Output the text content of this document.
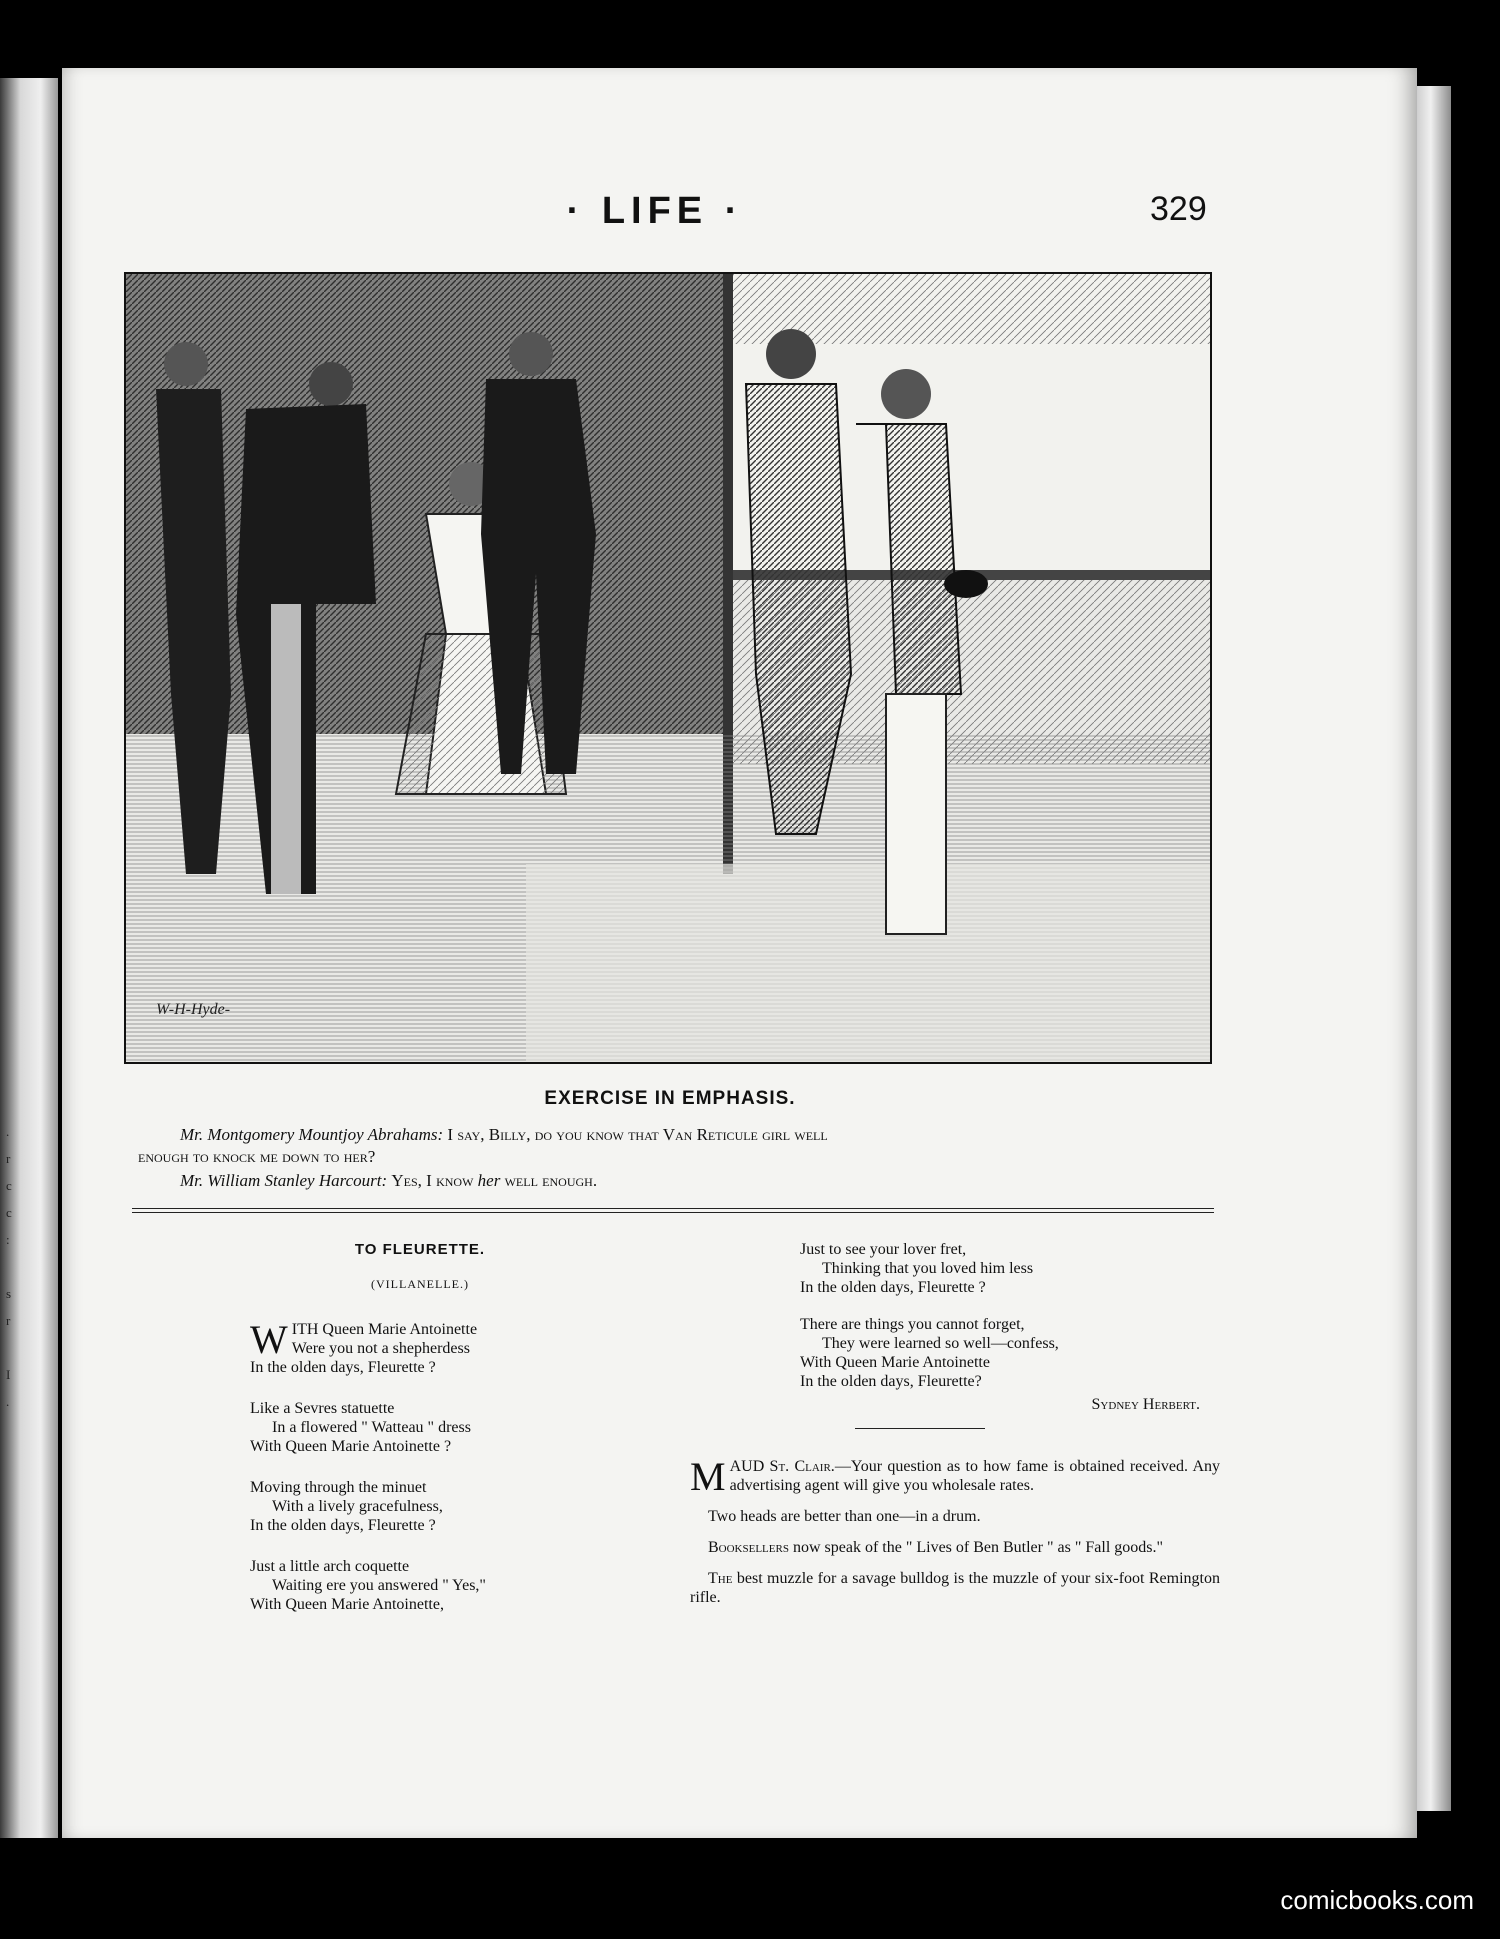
.
r
c
c
:

s
r

I
.
· LIFE ·	329
W-H-Hyde-
EXERCISE IN EMPHASIS.
Mr. Montgomery Mountjoy Abrahams: I say, Billy, do you know that Van Reticule girl well
enough to knock me down to her?
Mr. William Stanley Harcourt: Yes, I know her well enough.
TO FLEURETTE.
(VILLANELLE.)
WITH Queen Marie Antoinette
Were you not a shepherdess
In the olden days, Fleurette ?
Like a Sevres statuette
In a flowered " Watteau " dress
With Queen Marie Antoinette ?
Moving through the minuet
With a lively gracefulness,
In the olden days, Fleurette ?
Just a little arch coquette
Waiting ere you answered " Yes,"
With Queen Marie Antoinette,
Just to see your lover fret,
Thinking that you loved him less
In the olden days, Fleurette ?
There are things you cannot forget,
They were learned so well—confess,
With Queen Marie Antoinette
In the olden days, Fleurette?
Sydney Herbert.
MAUD St. Clair.—Your question as to how fame is obtained received. Any advertising agent will give you wholesale rates.
Two heads are better than one—in a drum.
Booksellers now speak of the " Lives of Ben Butler " as " Fall goods."
The best muzzle for a savage bulldog is the muzzle of your six-foot Remington rifle.
comicbooks.com
